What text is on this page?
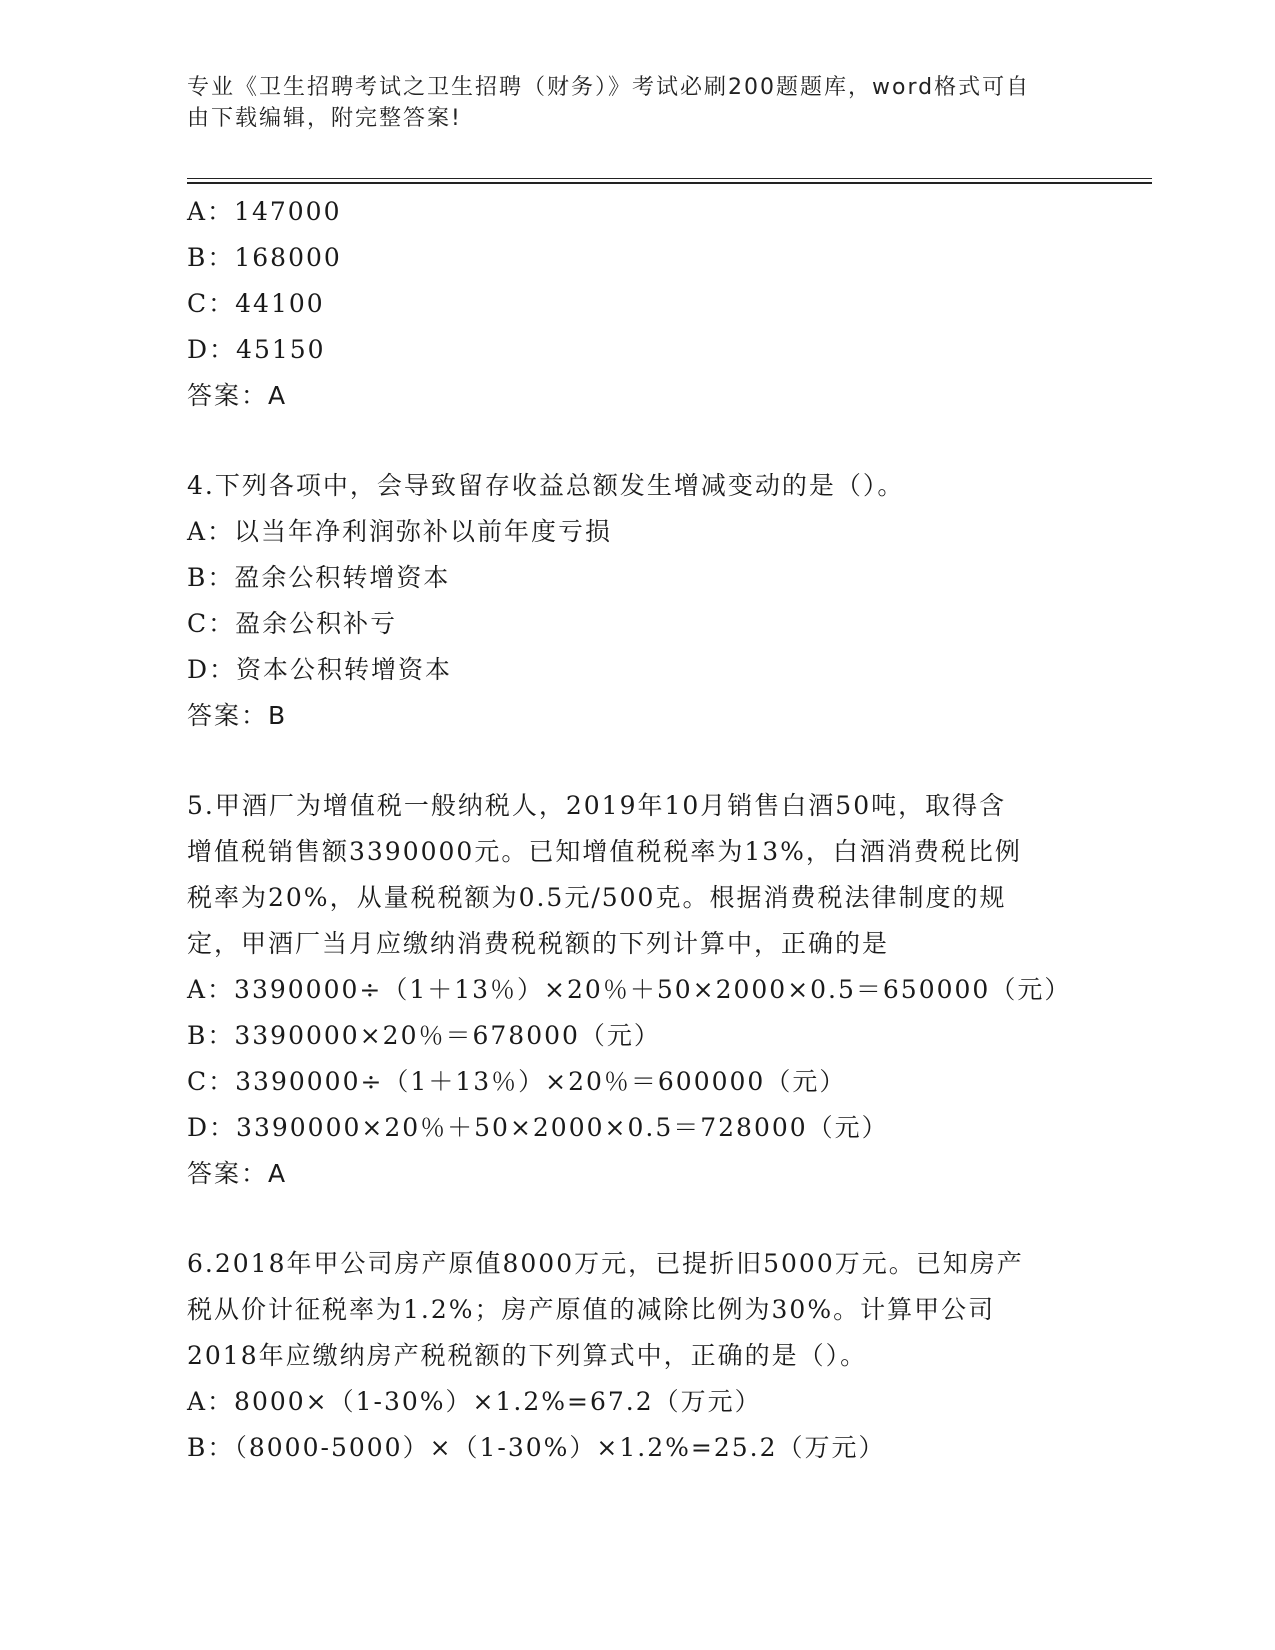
专业《卫生招聘考试之卫生招聘（财务）》考试必刷200题题库，word格式可自
由下载编辑，附完整答案!
A：147000
B：168000
C：44100
D：45150
答案：A
4.下列各项中，会导致留存收益总额发生增减变动的是（）。
A：以当年净利润弥补以前年度亏损
B：盈余公积转增资本
C：盈余公积补亏
D：资本公积转增资本
答案：B
5.甲酒厂为增值税一般纳税人，2019年10月销售白酒50吨，取得含
增值税销售额3390000元。已知增值税税率为13%，白酒消费税比例
税率为20%，从量税税额为0.5元/500克。根据消费税法律制度的规
定，甲酒厂当月应缴纳消费税税额的下列计算中，正确的是
A：3390000÷（1＋13％）×20％＋50×2000×0.5＝650000（元）
B：3390000×20％＝678000（元）
C：3390000÷（1＋13％）×20％＝600000（元）
D：3390000×20％＋50×2000×0.5＝728000（元）
答案：A
6.2018年甲公司房产原值8000万元，已提折旧5000万元。已知房产
税从价计征税率为1.2%；房产原值的减除比例为30%。计算甲公司
2018年应缴纳房产税税额的下列算式中，正确的是（）。
A：8000×（1-30%）×1.2%=67.2（万元）
B：（8000-5000）×（1-30%）×1.2%=25.2（万元）
